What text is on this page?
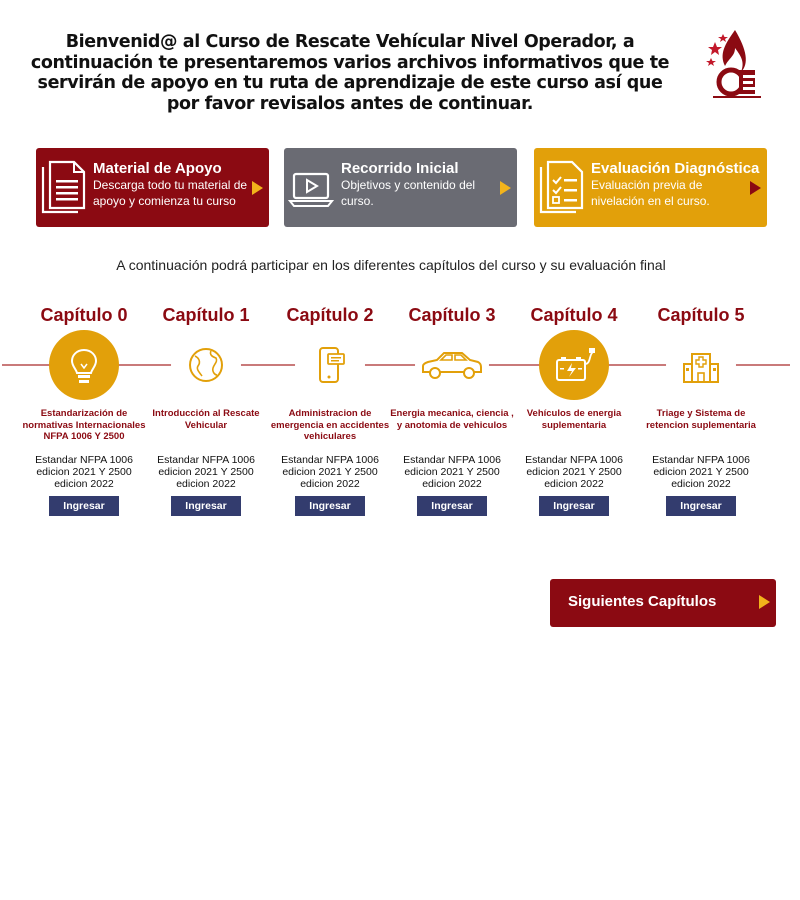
Bienvenid@ al Curso de Rescate Vehícular Nivel Operador, a continuación te presentaremos varios archivos informativos que te servirán de apoyo en tu ruta de aprendizaje de este curso así que por favor revisalos antes de continuar.
Material de Apoyo
Descarga todo tu material de apoyo y comienza tu curso
Recorrido Inicial
Objetivos y contenido del curso.
Evaluación Diagnóstica
Evaluación previa de nivelación en el curso.
A continuación podrá participar en los diferentes capítulos del curso y su evaluación final
Capítulo 0
Estandarización de normativas Internacionales NFPA 1006 Y 2500
Estandar NFPA 1006 edicion 2021 Y 2500 edicion 2022
Ingresar
Capítulo 1
Introducción al Rescate Vehicular
Estandar NFPA 1006 edicion 2021 Y 2500 edicion 2022
Ingresar
Capítulo 2
Administracion de emergencia en accidentes vehiculares
Estandar NFPA 1006 edicion 2021 Y 2500 edicion 2022
Ingresar
Capítulo 3
Energia mecanica, ciencia , y anotomia de vehiculos
Estandar NFPA 1006 edicion 2021 Y 2500 edicion 2022
Ingresar
Capítulo 4
Vehículos de energia suplementaria
Estandar NFPA 1006 edicion 2021 Y 2500 edicion 2022
Ingresar
Capítulo 5
Triage y Sistema de retencion suplementaria
Estandar NFPA 1006 edicion 2021 Y 2500 edicion 2022
Ingresar
Siguientes Capítulos
